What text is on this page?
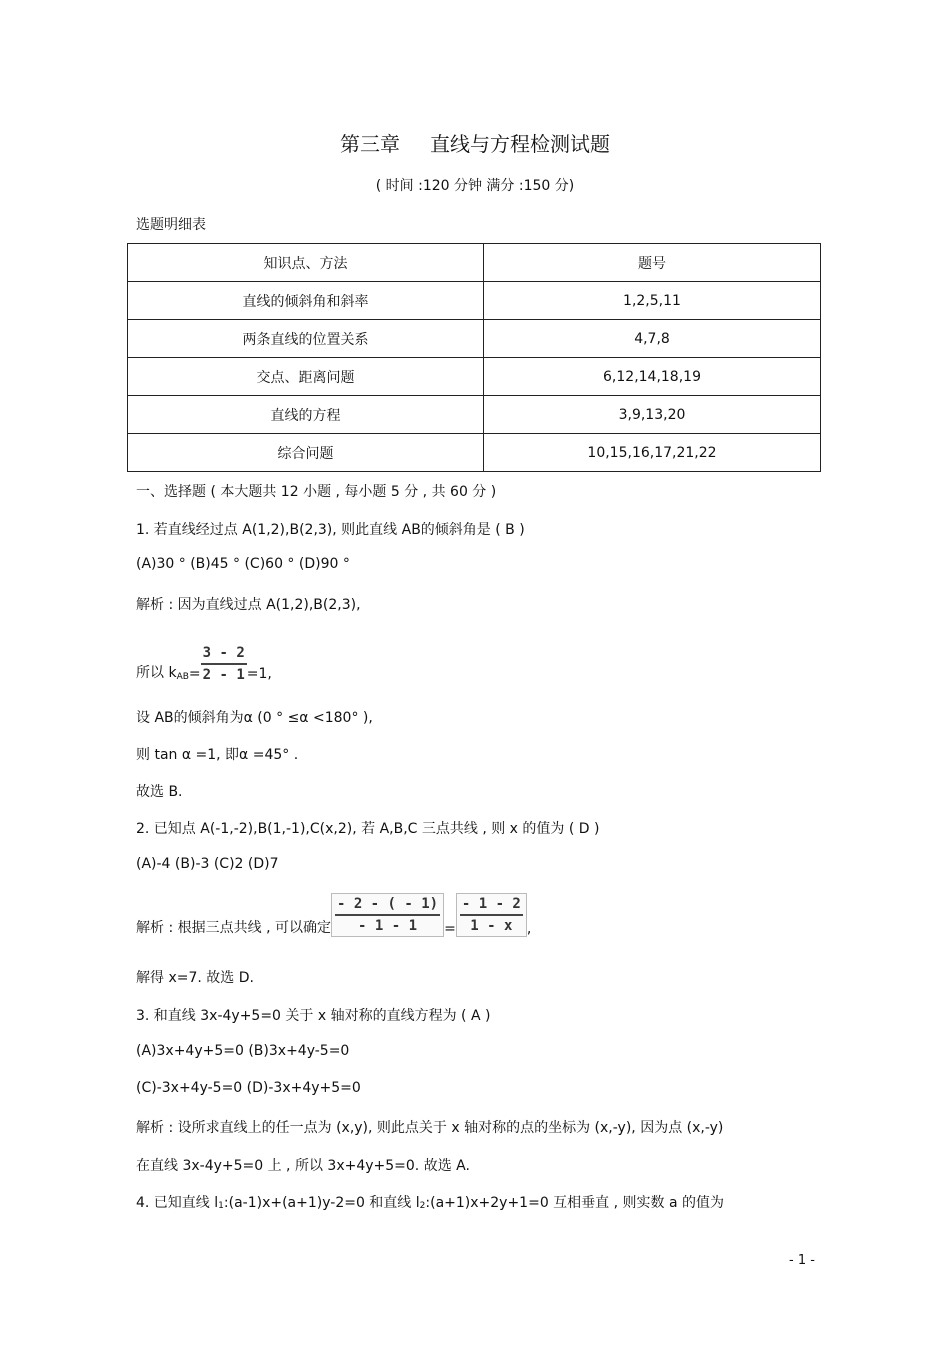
第三章 直线与方程检测试题
( 时间 :120 分钟 满分 :150 分)
选题明细表
知识点、方法	题号
直线的倾斜角和斜率	1,2,5,11
两条直线的位置关系	4,7,8
交点、距离问题	6,12,14,18,19
直线的方程	3,9,13,20
综合问题	10,15,16,17,21,22
一、选择题 ( 本大题共 12 小题 , 每小题 5 分 , 共 60 分 )
1. 若直线经过点 A(1,2),B(2,3), 则此直线 AB的倾斜角是 ( B )
(A)30 ° (B)45 ° (C)60 ° (D)90 °
解析 : 因为直线过点 A(1,2),B(2,3),
所以 $kAB= \frac{3 - 2}{2 - 1} =1$,
设 AB的倾斜角为α (0 ° ≤α <180° ),
则 tan α =1, 即α =45° .
故选 B.
2. 已知点 A(-1,-2),B(1,-1),C(x,2), 若 A,B,C 三点共线 , 则 x 的值为 ( D )
(A)-4 (B)-3 (C)2 (D)7
解析 : 根据三点共线 , 可以确定 $\frac{- 2 - ( - 1)}{- 1 - 1} = \frac{- 1 - 2}{1 - x}$ ,
解得 x=7. 故选 D.
3. 和直线 3x-4y+5=0 关于 x 轴对称的直线方程为 ( A )
(A)3x+4y+5=0 (B)3x+4y-5=0
(C)-3x+4y-5=0 (D)-3x+4y+5=0
解析 : 设所求直线上的任一点为 (x,y), 则此点关于 x 轴对称的点的坐标为 (x,-y), 因为点 (x,-y)
在直线 3x-4y+5=0 上 , 所以 3x+4y+5=0. 故选 A.
4. 已知直线 l1:(a-1)x+(a+1)y-2=0 和直线 l2:(a+1)x+2y+1=0 互相垂直 , 则实数 a 的值为
- 1 -
